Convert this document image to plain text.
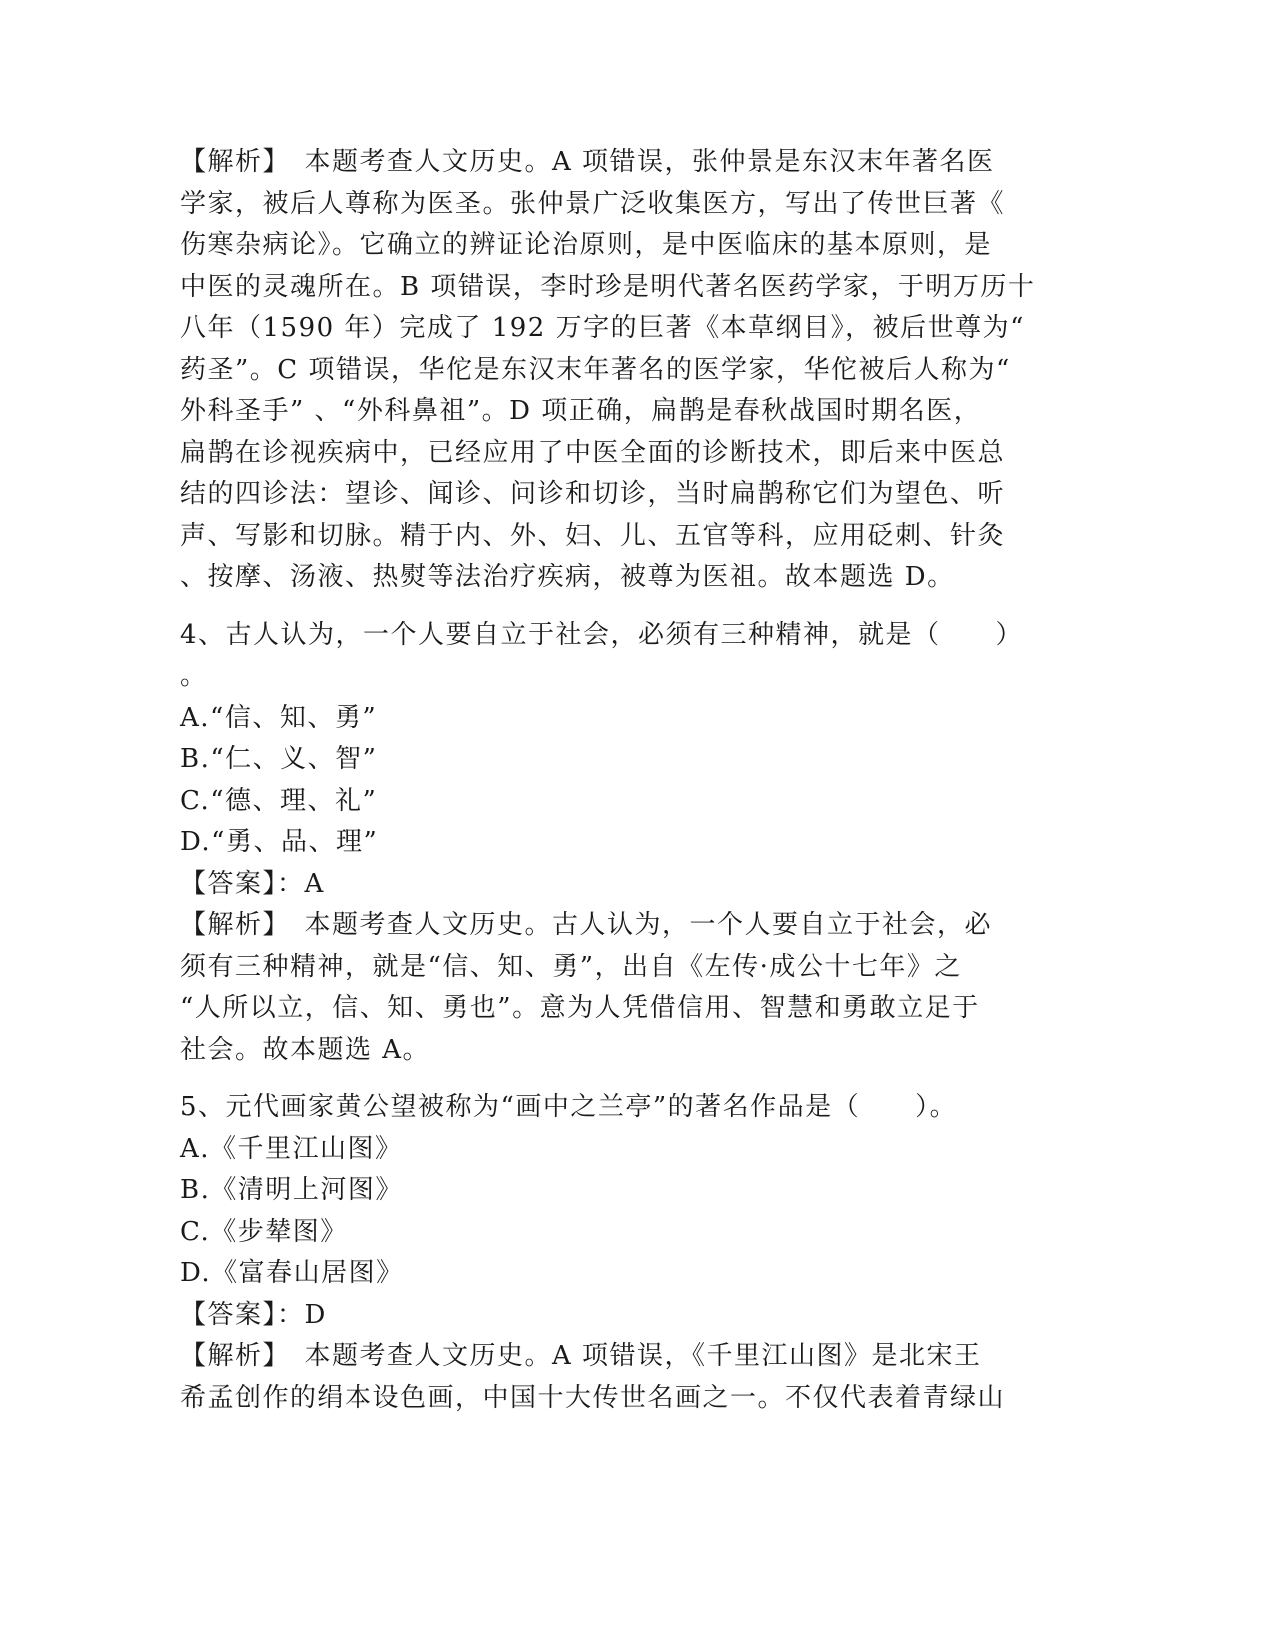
【解析】　本题考查人文历史。A 项错误，张仲景是东汉末年著名医
学家，被后人尊称为医圣。张仲景广泛收集医方，写出了传世巨著《
伤寒杂病论》。它确立的辨证论治原则，是中医临床的基本原则，是
中医的灵魂所在。B 项错误，李时珍是明代著名医药学家，于明万历十
八年（1590 年）完成了 192 万字的巨著《本草纲目》，被后世尊为“
药圣”。C 项错误，华佗是东汉末年著名的医学家，华佗被后人称为“
外科圣手” 、“外科鼻祖”。D 项正确，扁鹊是春秋战国时期名医，
扁鹊在诊视疾病中，已经应用了中医全面的诊断技术，即后来中医总
结的四诊法：望诊、闻诊、问诊和切诊，当时扁鹊称它们为望色、听
声、写影和切脉。精于内、外、妇、儿、五官等科，应用砭刺、针灸
、按摩、汤液、热熨等法治疗疾病，被尊为医祖。故本题选 D。
4、古人认为，一个人要自立于社会，必须有三种精神，就是（　　）
。
A.“信、知、勇”
B.“仁、义、智”
C.“德、理、礼”
D.“勇、品、理”
【答案】：A
【解析】　本题考查人文历史。古人认为，一个人要自立于社会，必
须有三种精神，就是“信、知、勇”，出自《左传·成公十七年》之
“人所以立，信、知、勇也”。意为人凭借信用、智慧和勇敢立足于
社会。故本题选 A。
5、元代画家黄公望被称为“画中之兰亭”的著名作品是（　　）。
A.《千里江山图》
B.《清明上河图》
C.《步辇图》
D.《富春山居图》
【答案】：D
【解析】　本题考查人文历史。A 项错误，《千里江山图》是北宋王
希孟创作的绢本设色画，中国十大传世名画之一。不仅代表着青绿山
